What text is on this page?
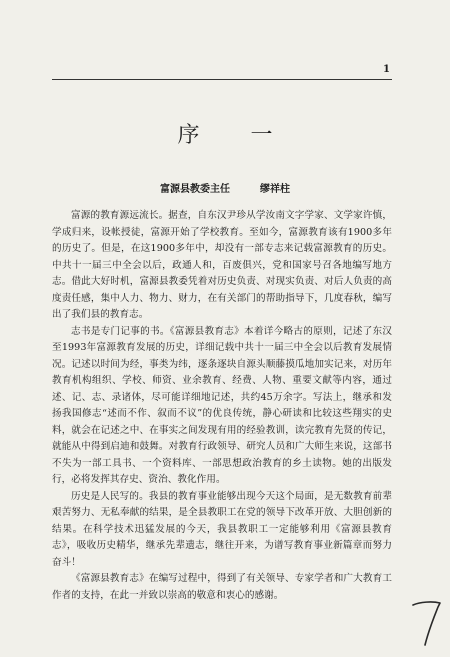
1
序 一
富源县教委主任	缪祥柱

富源的教育源远流长。据查，自东汉尹珍从学汝南文字学家、文学家许慎，学成归来，设帐授徒，富源开始了学校教育。至如今，富源教育该有1900多年的历史了。但是，在这1900多年中，却没有一部专志来记载富源教育的历史。中共十一届三中全会以后，政通人和，百废俱兴，党和国家号召各地编写地方志。借此大好时机，富源县教委凭着对历史负责、对现实负责、对后人负责的高度责任感，集中人力、物力、财力，在有关部门的帮助指导下，几度春秋，编写出了我们县的教育志。

志书是专门记事的书。《富源县教育志》本着详今略古的原则，记述了东汉至1993年富源教育发展的历史，详细记载中共十一届三中全会以后教育发展情况。记述以时间为经，事类为纬，逐条逐块自源头顺藤摸瓜地加实记来，对历年教育机构组织、学校、师资、业余教育、经费、人物、重要文献等内容，通过述、记、志、录诸体，尽可能详细地记述，共约45万余字。写法上，继承和发扬我国修志“述而不作、叙而不议”的优良传统，静心研读和比较这些翔实的史料，就会在记述之中、在事实之间发现有用的经验教训，读完教育先贤的传记，就能从中得到启迪和鼓舞。对教育行政领导、研究人员和广大师生来说，这部书不失为一部工具书、一个资料库、一部思想政治教育的乡土读物。她的出版发行，必将发挥其存史、资治、教化作用。

历史是人民写的。我县的教育事业能够出现今天这个局面，是无数教育前辈艰苦努力、无私奉献的结果，是全县教职工在党的领导下改革开放、大胆创新的结果。在科学技术迅猛发展的今天，我县教职工一定能够利用《富源县教育志》，吸收历史精华，继承先辈遗志，继往开来，为谱写教育事业新篇章而努力奋斗！

《富源县教育志》在编写过程中，得到了有关领导、专家学者和广大教育工作者的支持，在此一并致以崇高的敬意和衷心的感谢。
